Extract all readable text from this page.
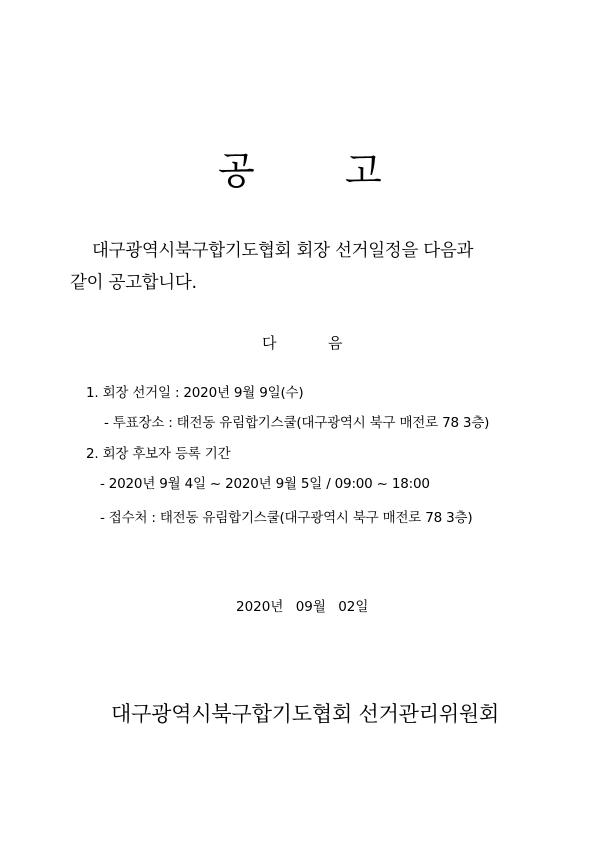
공 고
대구광역시북구합기도협회 회장 선거일정을 다음과
같이 공고합니다.
다	음
1. 회장 선거일 : 2020년 9월 9일(수)
- 투표장소 : 태전동 유림합기스쿨(대구광역시 북구 매전로 78 3층)
2. 회장 후보자 등록 기간
- 2020년 9월 4일 ~ 2020년 9월 5일 / 09:00 ~ 18:00
- 접수처 : 태전동 유림합기스쿨(대구광역시 북구 매전로 78 3층)
2020년 09월 02일
대구광역시북구합기도협회 선거관리위원회
